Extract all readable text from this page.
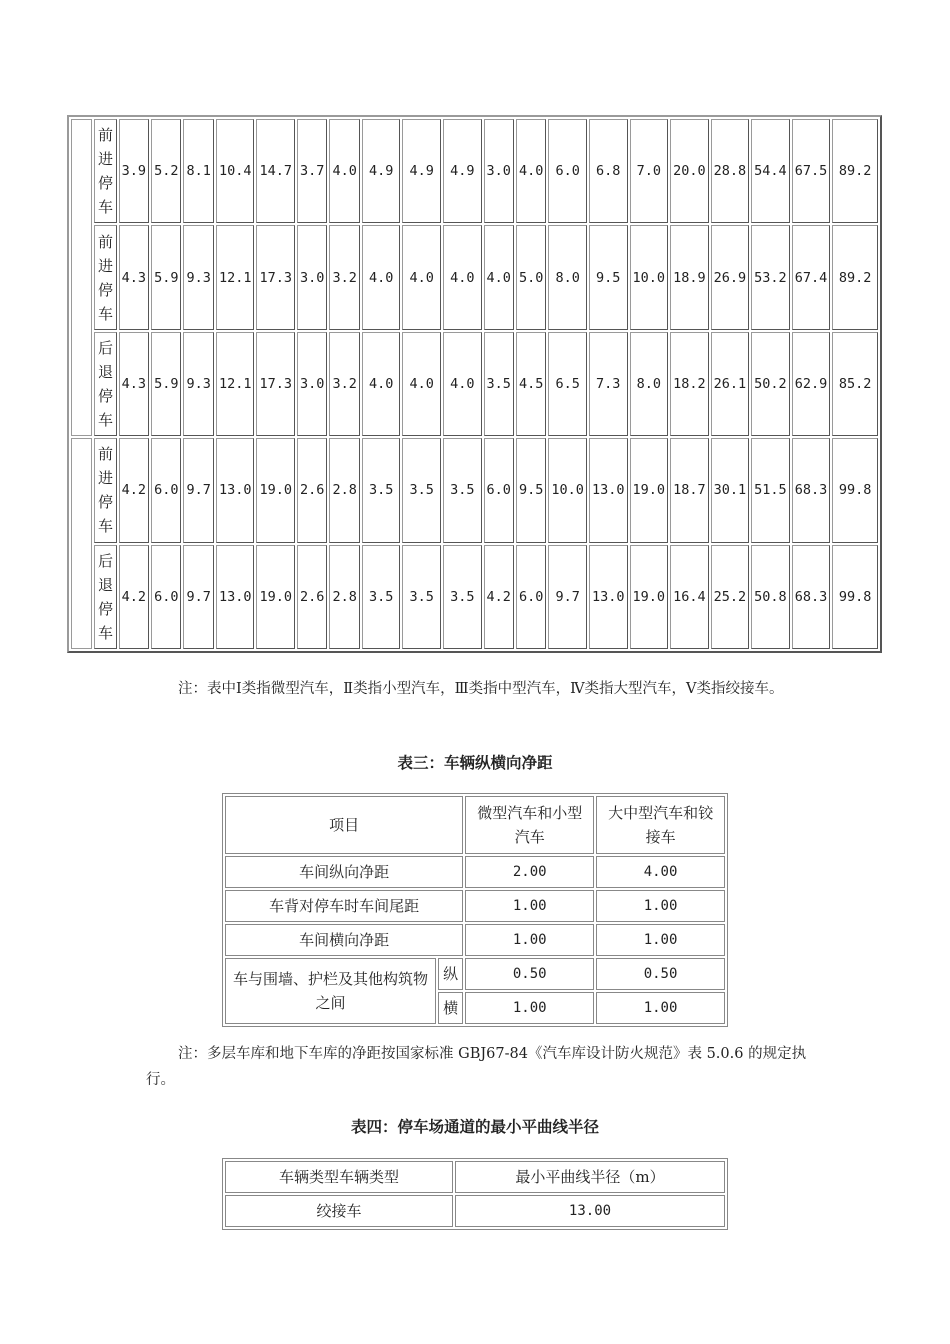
	前进停车	3.9	5.2	8.1	10.4	14.7	3.7	4.0	4.9	4.9	4.9	3.0	4.0	6.0	6.8	7.0	20.0	28.8	54.4	67.5	89.2
	前进停车	4.3	5.9	9.3	12.1	17.3	3.0	3.2	4.0	4.0	4.0	4.0	5.0	8.0	9.5	10.0	18.9	26.9	53.2	67.4	89.2
	后退停车	4.3	5.9	9.3	12.1	17.3	3.0	3.2	4.0	4.0	4.0	3.5	4.5	6.5	7.3	8.0	18.2	26.1	50.2	62.9	85.2
	前进停车	4.2	6.0	9.7	13.0	19.0	2.6	2.8	3.5	3.5	3.5	6.0	9.5	10.0	13.0	19.0	18.7	30.1	51.5	68.3	99.8
	后退停车	4.2	6.0	9.7	13.0	19.0	2.6	2.8	3.5	3.5	3.5	4.2	6.0	9.7	13.0	19.0	16.4	25.2	50.8	68.3	99.8

注：表中Ⅰ类指微型汽车，Ⅱ类指小型汽车，Ⅲ类指中型汽车，Ⅳ类指大型汽车，Ⅴ类指绞接车。

表三：车辆纵横向净距

项目		微型汽车和小型汽车	大中型汽车和铰接车
车间纵向净距		2.00	4.00
车背对停车时车间尾距		1.00	1.00
车间横向净距		1.00	1.00
车与围墙、护栏及其他构筑物之间	纵	0.50	0.50
	横	1.00	1.00

注：多层车库和地下车库的净距按国家标准 GBJ67-84《汽车库设计防火规范》表 5.0.6 的规定执行。

表四：停车场通道的最小平曲线半径

车辆类型车辆类型	最小平曲线半径（m）
绞接车	13.00
